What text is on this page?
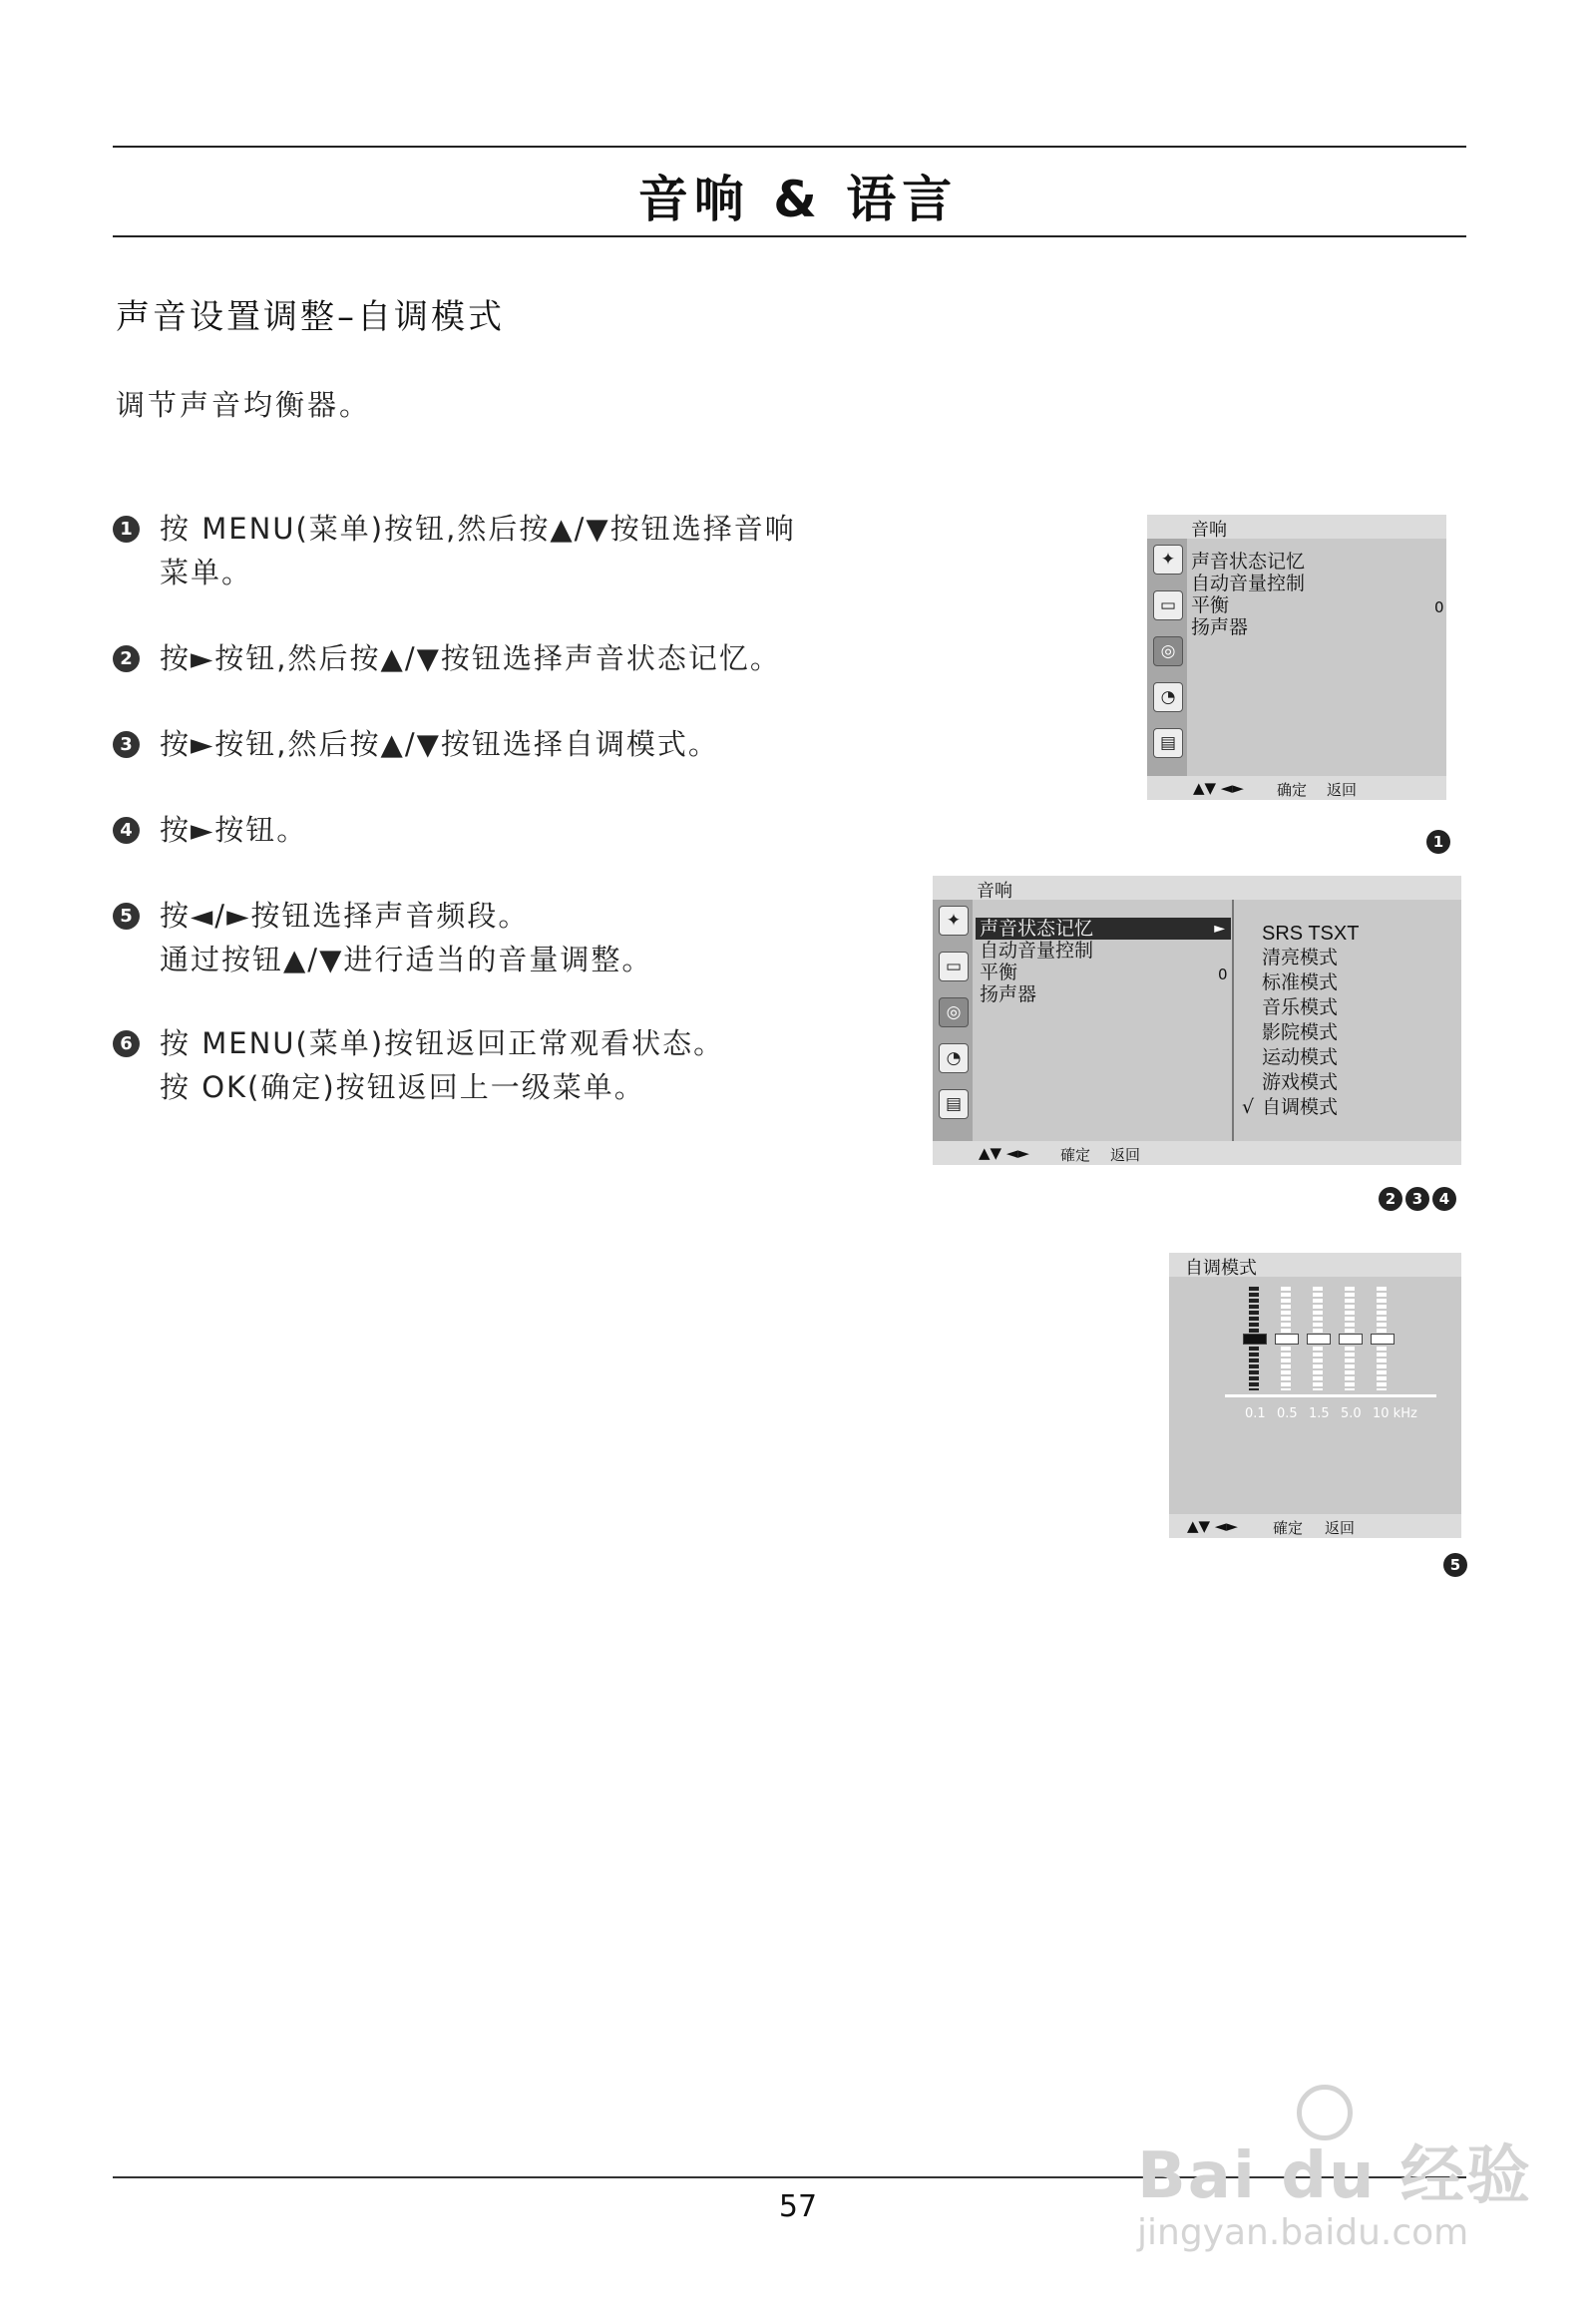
音响 & 语言
声音设置调整–自调模式
调节声音均衡器。
1 按 MENU(菜单)按钮,然后按▲/▼按钮选择音响
菜单。
2 按►按钮,然后按▲/▼按钮选择声音状态记忆。
3 按►按钮,然后按▲/▼按钮选择自调模式。
4 按►按钮。
5 按◄/►按钮选择声音频段。
通过按钮▲/▼进行适当的音量调整。
6 按 MENU(菜单)按钮返回正常观看状态。
按 OK(确定)按钮返回上一级菜单。
音响
✦
▭
◎
◔
▤
声音状态记忆
自动音量控制
平衡	0
扬声器
▲▼ ◄► 确定 返回
1
音响
✦
▭
◎
◔
▤
声音状态记忆	►
自动音量控制
平衡	0
扬声器
SRS TSXT
清亮模式
标准模式
音乐模式
影院模式
运动模式
游戏模式
√ 自调模式
▲▼ ◄► 確定 返回
2	3	4
自调模式
0.1 0.5 1.5 5.0 10 kHz
▲▼ ◄► 確定 返回
5
57	Bai du 经验
jingyan.baidu.com
